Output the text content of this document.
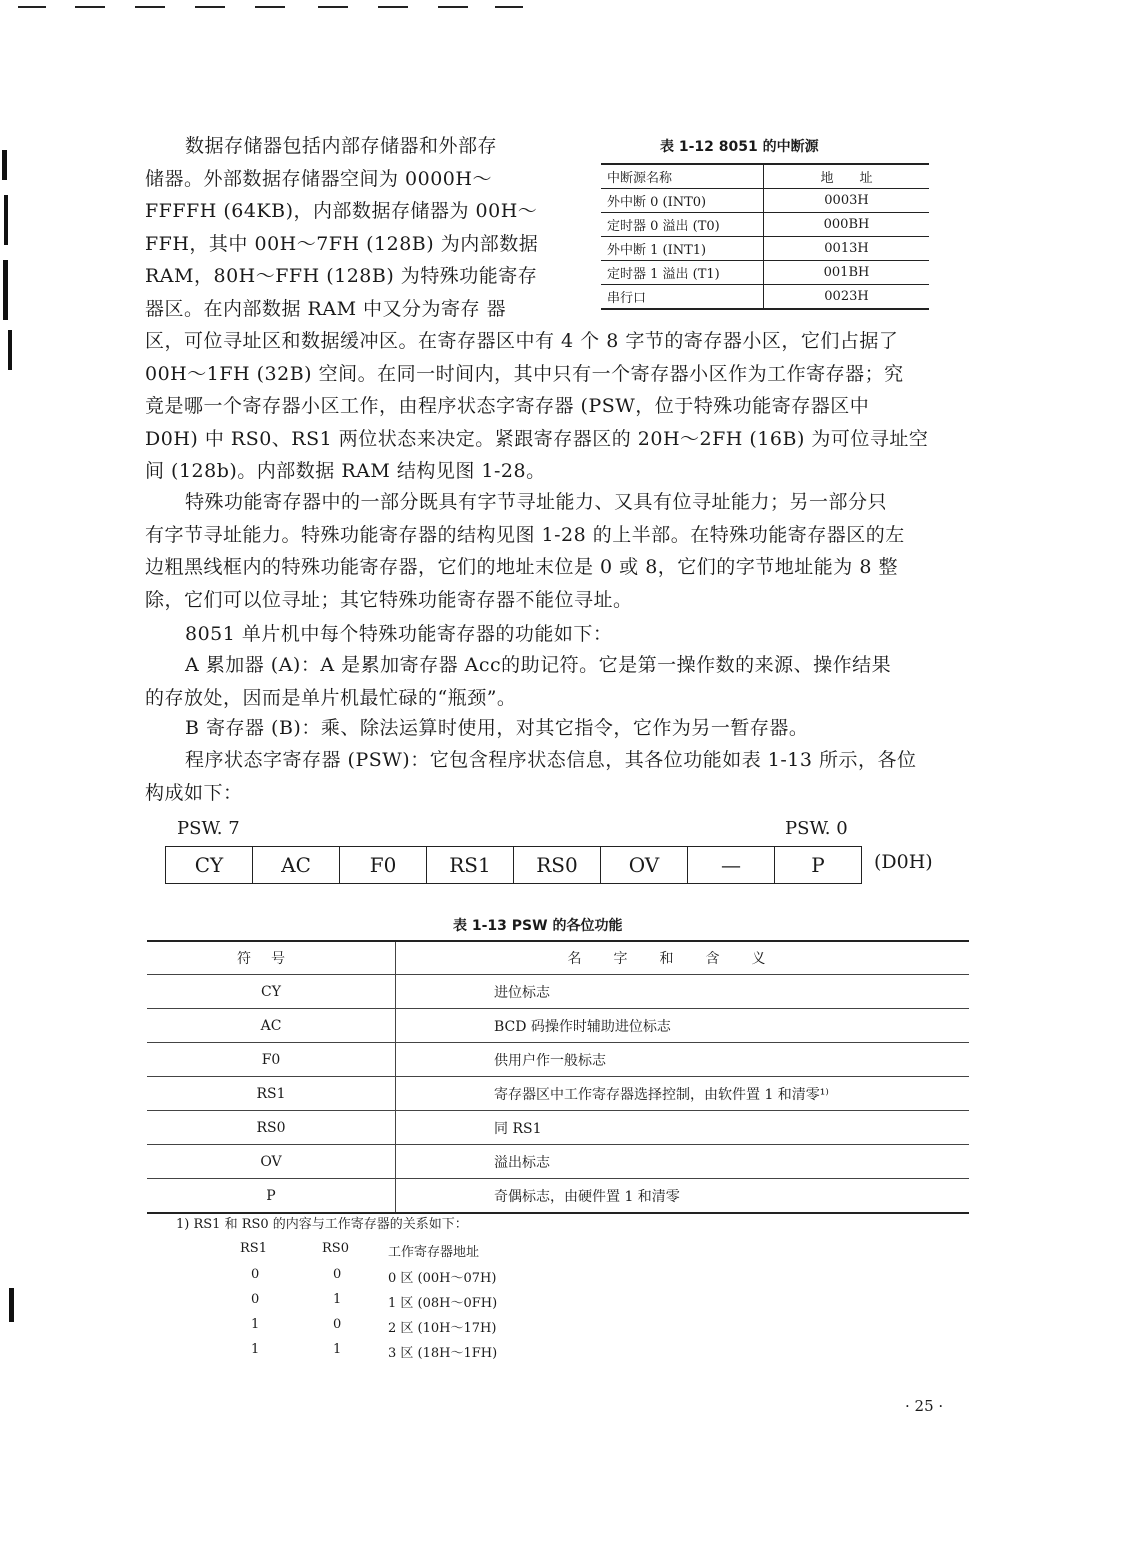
数据存储器包括内部存储器和外部存
储器。外部数据存储器空间为 0000H～
FFFFH (64KB)，内部数据存储器为 00H～
FFH，其中 00H～7FH (128B) 为内部数据
RAM，80H～FFH (128B) 为特殊功能寄存
器区。在内部数据 RAM 中又分为寄存 器
区，可位寻址区和数据缓冲区。在寄存器区中有 4 个 8 字节的寄存器小区，它们占据了
00H～1FH (32B) 空间。在同一时间内，其中只有一个寄存器小区作为工作寄存器；究
竟是哪一个寄存器小区工作，由程序状态字寄存器 (PSW，位于特殊功能寄存器区中
D0H) 中 RS0、RS1 两位状态来决定。紧跟寄存器区的 20H～2FH (16B) 为可位寻址空
间 (128b)。内部数据 RAM 结构见图 1-28。
特殊功能寄存器中的一部分既具有字节寻址能力、又具有位寻址能力；另一部分只
有字节寻址能力。特殊功能寄存器的结构见图 1-28 的上半部。在特殊功能寄存器区的左
边粗黑线框内的特殊功能寄存器，它们的地址末位是 0 或 8，它们的字节地址能为 8 整
除，它们可以位寻址；其它特殊功能寄存器不能位寻址。
8051 单片机中每个特殊功能寄存器的功能如下：
A 累加器 (A)：A 是累加寄存器 Acc的助记符。它是第一操作数的来源、操作结果
的存放处，因而是单片机最忙碌的“瓶颈”。
B 寄存器 (B)：乘、除法运算时使用，对其它指令，它作为另一暂存器。
程序状态字寄存器 (PSW)：它包含程序状态信息，其各位功能如表 1-13 所示，各位
构成如下：
表 1-12 8051 的中断源
中断源名称	地　　址
外中断 0 (INT0)	0003H
定时器 0 溢出 (T0)	000BH
外中断 1 (INT1)	0013H
定时器 1 溢出 (T1)	001BH
串行口	0023H
PSW. 7	PSW. 0
CY	AC	F0	RS1	RS0	OV	—	P	(D0H)
表 1-13 PSW 的各位功能
符号	名字和含义
CY	进位标志
AC	BCD 码操作时辅助进位标志
F0	供用户作一般标志
RS1	寄存器区中工作寄存器选择控制，由软件置 1 和清零¹⁾
RS0	同 RS1
OV	溢出标志
P	奇偶标志，由硬件置 1 和清零
1) RS1 和 RS0 的内容与工作寄存器的关系如下：
RS1	RS0	工作寄存器地址
0	0	0 区 (00H～07H)
0	1	1 区 (08H～0FH)
1	0	2 区 (10H～17H)
1	1	3 区 (18H～1FH)
· 25 ·
